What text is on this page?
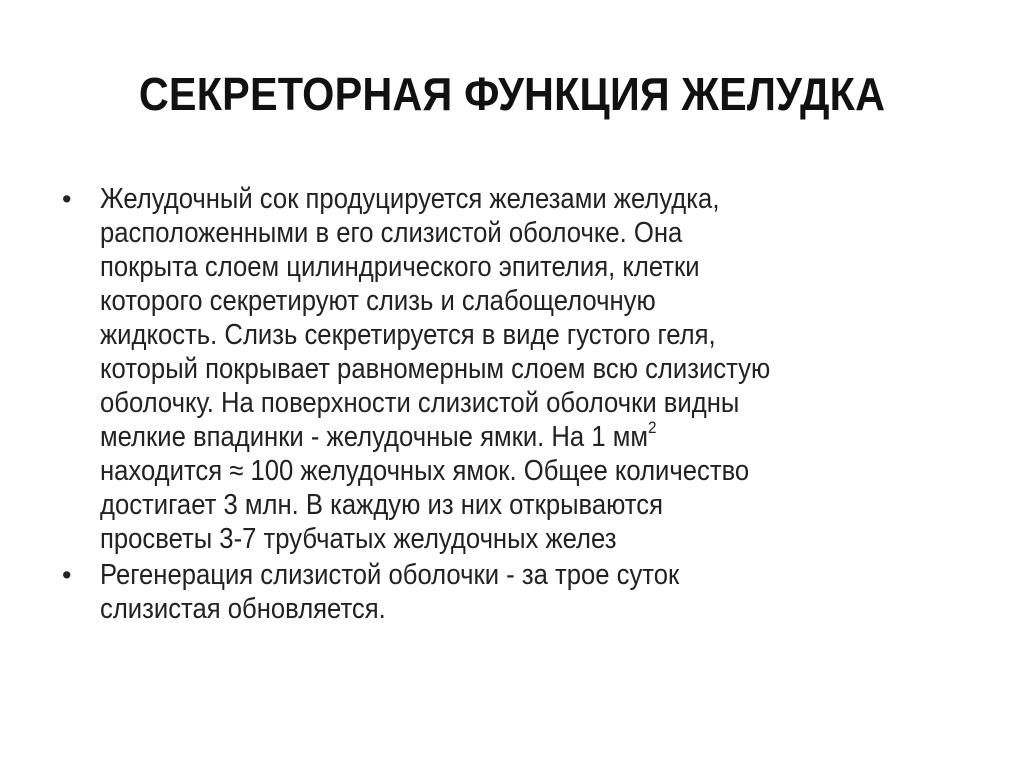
СЕКРЕТОРНАЯ ФУНКЦИЯ ЖЕЛУДКА
• Желудочный сок продуцируется железами желудка,
расположенными в его слизистой оболочке. Она
покрыта слоем цилиндрического эпителия, клетки
которого секретируют слизь и слабощелочную
жидкость. Слизь секретируется в виде густого геля,
который покрывает равномерным слоем всю слизистую
оболочку. На поверхности слизистой оболочки видны
мелкие впадинки - желудочные ямки. На 1 $мм^2$
находится ≈ 100 желудочных ямок. Общее количество
достигает 3 млн. В каждую из них открываются
просветы 3-7 трубчатых желудочных желез
• Регенерация слизистой оболочки - за трое суток
слизистая обновляется.
